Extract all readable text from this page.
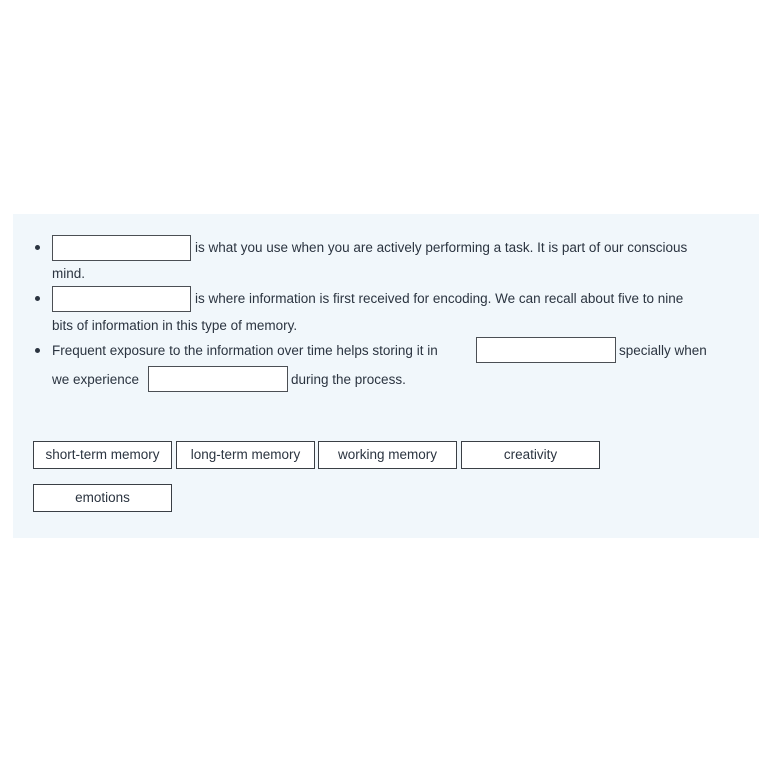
is what you use when you are actively performing a task. It is part of our conscious
mind.
is where information is first received for encoding. We can recall about five to nine
bits of information in this type of memory.
Frequent exposure to the information over time helps storing it in	specially when
we experience	during the process.
short-term memory	long-term memory	working memory	creativity
emotions
